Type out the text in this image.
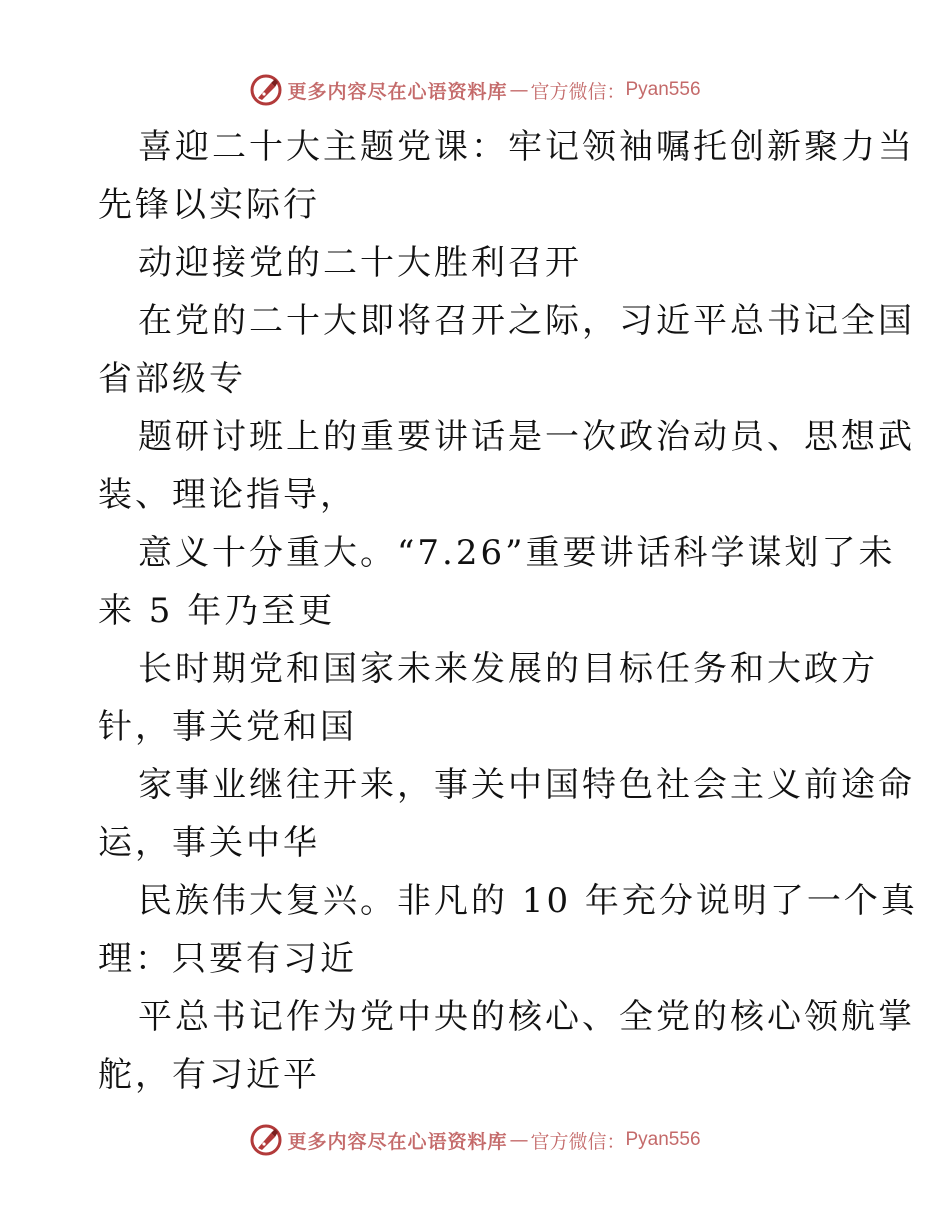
更多内容尽在心语资料库 — 官方微信： Pyan556
喜迎二十大主题党课：牢记领袖嘱托创新聚力当
先锋以实际行
动迎接党的二十大胜利召开
在党的二十大即将召开之际，习近平总书记全国
省部级专
题研讨班上的重要讲话是一次政治动员、思想武
装、理论指导，
意义十分重大。“7.26”重要讲话科学谋划了未
来 5 年乃至更
长时期党和国家未来发展的目标任务和大政方
针，事关党和国
家事业继往开来，事关中国特色社会主义前途命
运，事关中华
民族伟大复兴。非凡的 10 年充分说明了一个真
理：只要有习近
平总书记作为党中央的核心、全党的核心领航掌
舵，有习近平
更多内容尽在心语资料库 — 官方微信： Pyan556
